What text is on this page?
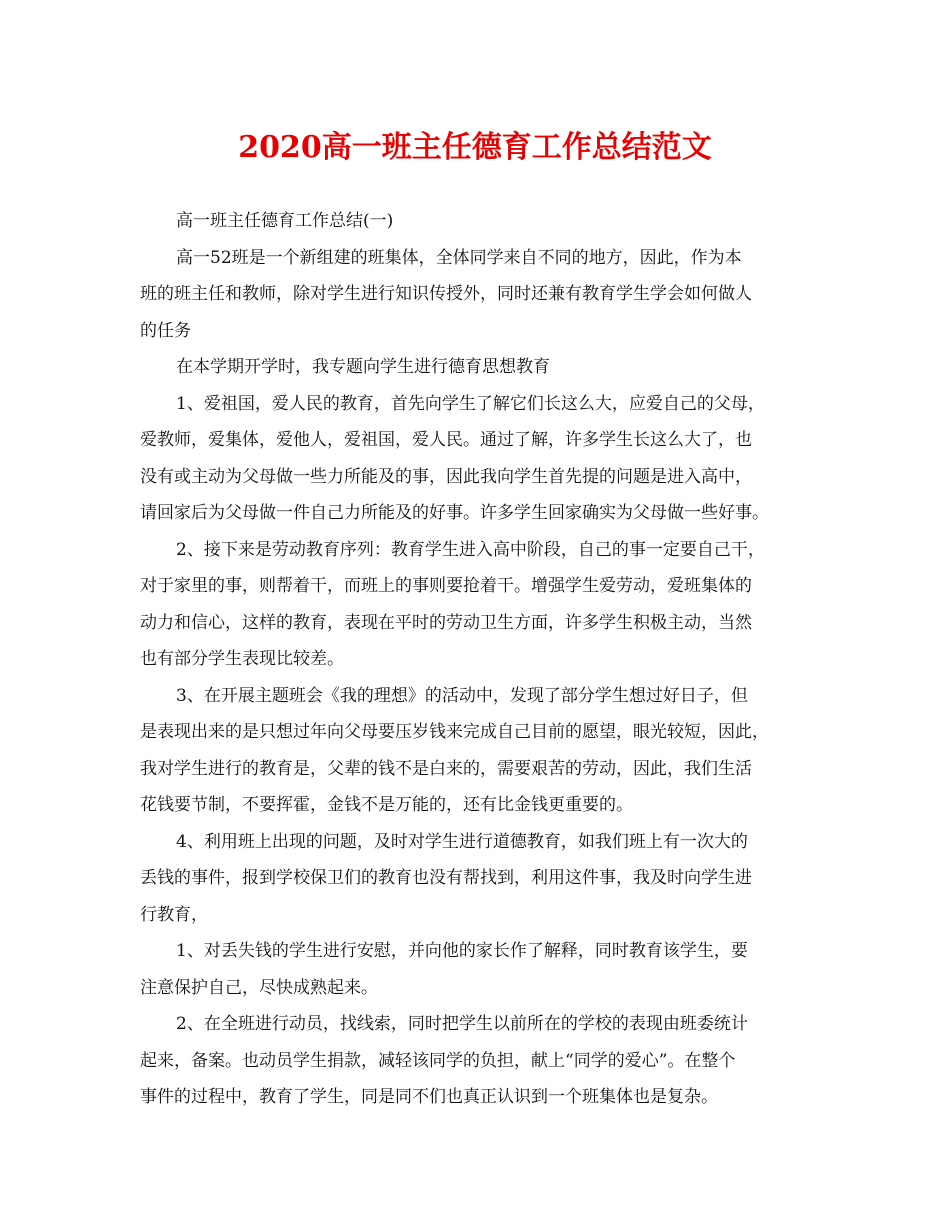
2020高一班主任德育工作总结范文
高一班主任德育工作总结(一)
高一52班是一个新组建的班集体，全体同学来自不同的地方，因此，作为本
班的班主任和教师，除对学生进行知识传授外，同时还兼有教育学生学会如何做人
的任务
在本学期开学时，我专题向学生进行德育思想教育
1、爱祖国，爱人民的教育，首先向学生了解它们长这么大，应爱自己的父母，
爱教师，爱集体，爱他人，爱祖国，爱人民。通过了解，许多学生长这么大了，也
没有或主动为父母做一些力所能及的事，因此我向学生首先提的问题是进入高中，
请回家后为父母做一件自己力所能及的好事。许多学生回家确实为父母做一些好事。
2、接下来是劳动教育序列：教育学生进入高中阶段，自己的事一定要自己干，
对于家里的事，则帮着干，而班上的事则要抢着干。增强学生爱劳动，爱班集体的
动力和信心，这样的教育，表现在平时的劳动卫生方面，许多学生积极主动，当然
也有部分学生表现比较差。
3、在开展主题班会《我的理想》的活动中，发现了部分学生想过好日子，但
是表现出来的是只想过年向父母要压岁钱来完成自己目前的愿望，眼光较短，因此，
我对学生进行的教育是，父辈的钱不是白来的，需要艰苦的劳动，因此，我们生活
花钱要节制，不要挥霍，金钱不是万能的，还有比金钱更重要的。
4、利用班上出现的问题，及时对学生进行道德教育，如我们班上有一次大的
丢钱的事件，报到学校保卫们的教育也没有帮找到，利用这件事，我及时向学生进
行教育，
1、对丢失钱的学生进行安慰，并向他的家长作了解释，同时教育该学生，要
注意保护自己，尽快成熟起来。
2、在全班进行动员，找线索，同时把学生以前所在的学校的表现由班委统计
起来，备案。也动员学生捐款，减轻该同学的负担，献上“同学的爱心”。在整个
事件的过程中，教育了学生，同是同不们也真正认识到一个班集体也是复杂。
